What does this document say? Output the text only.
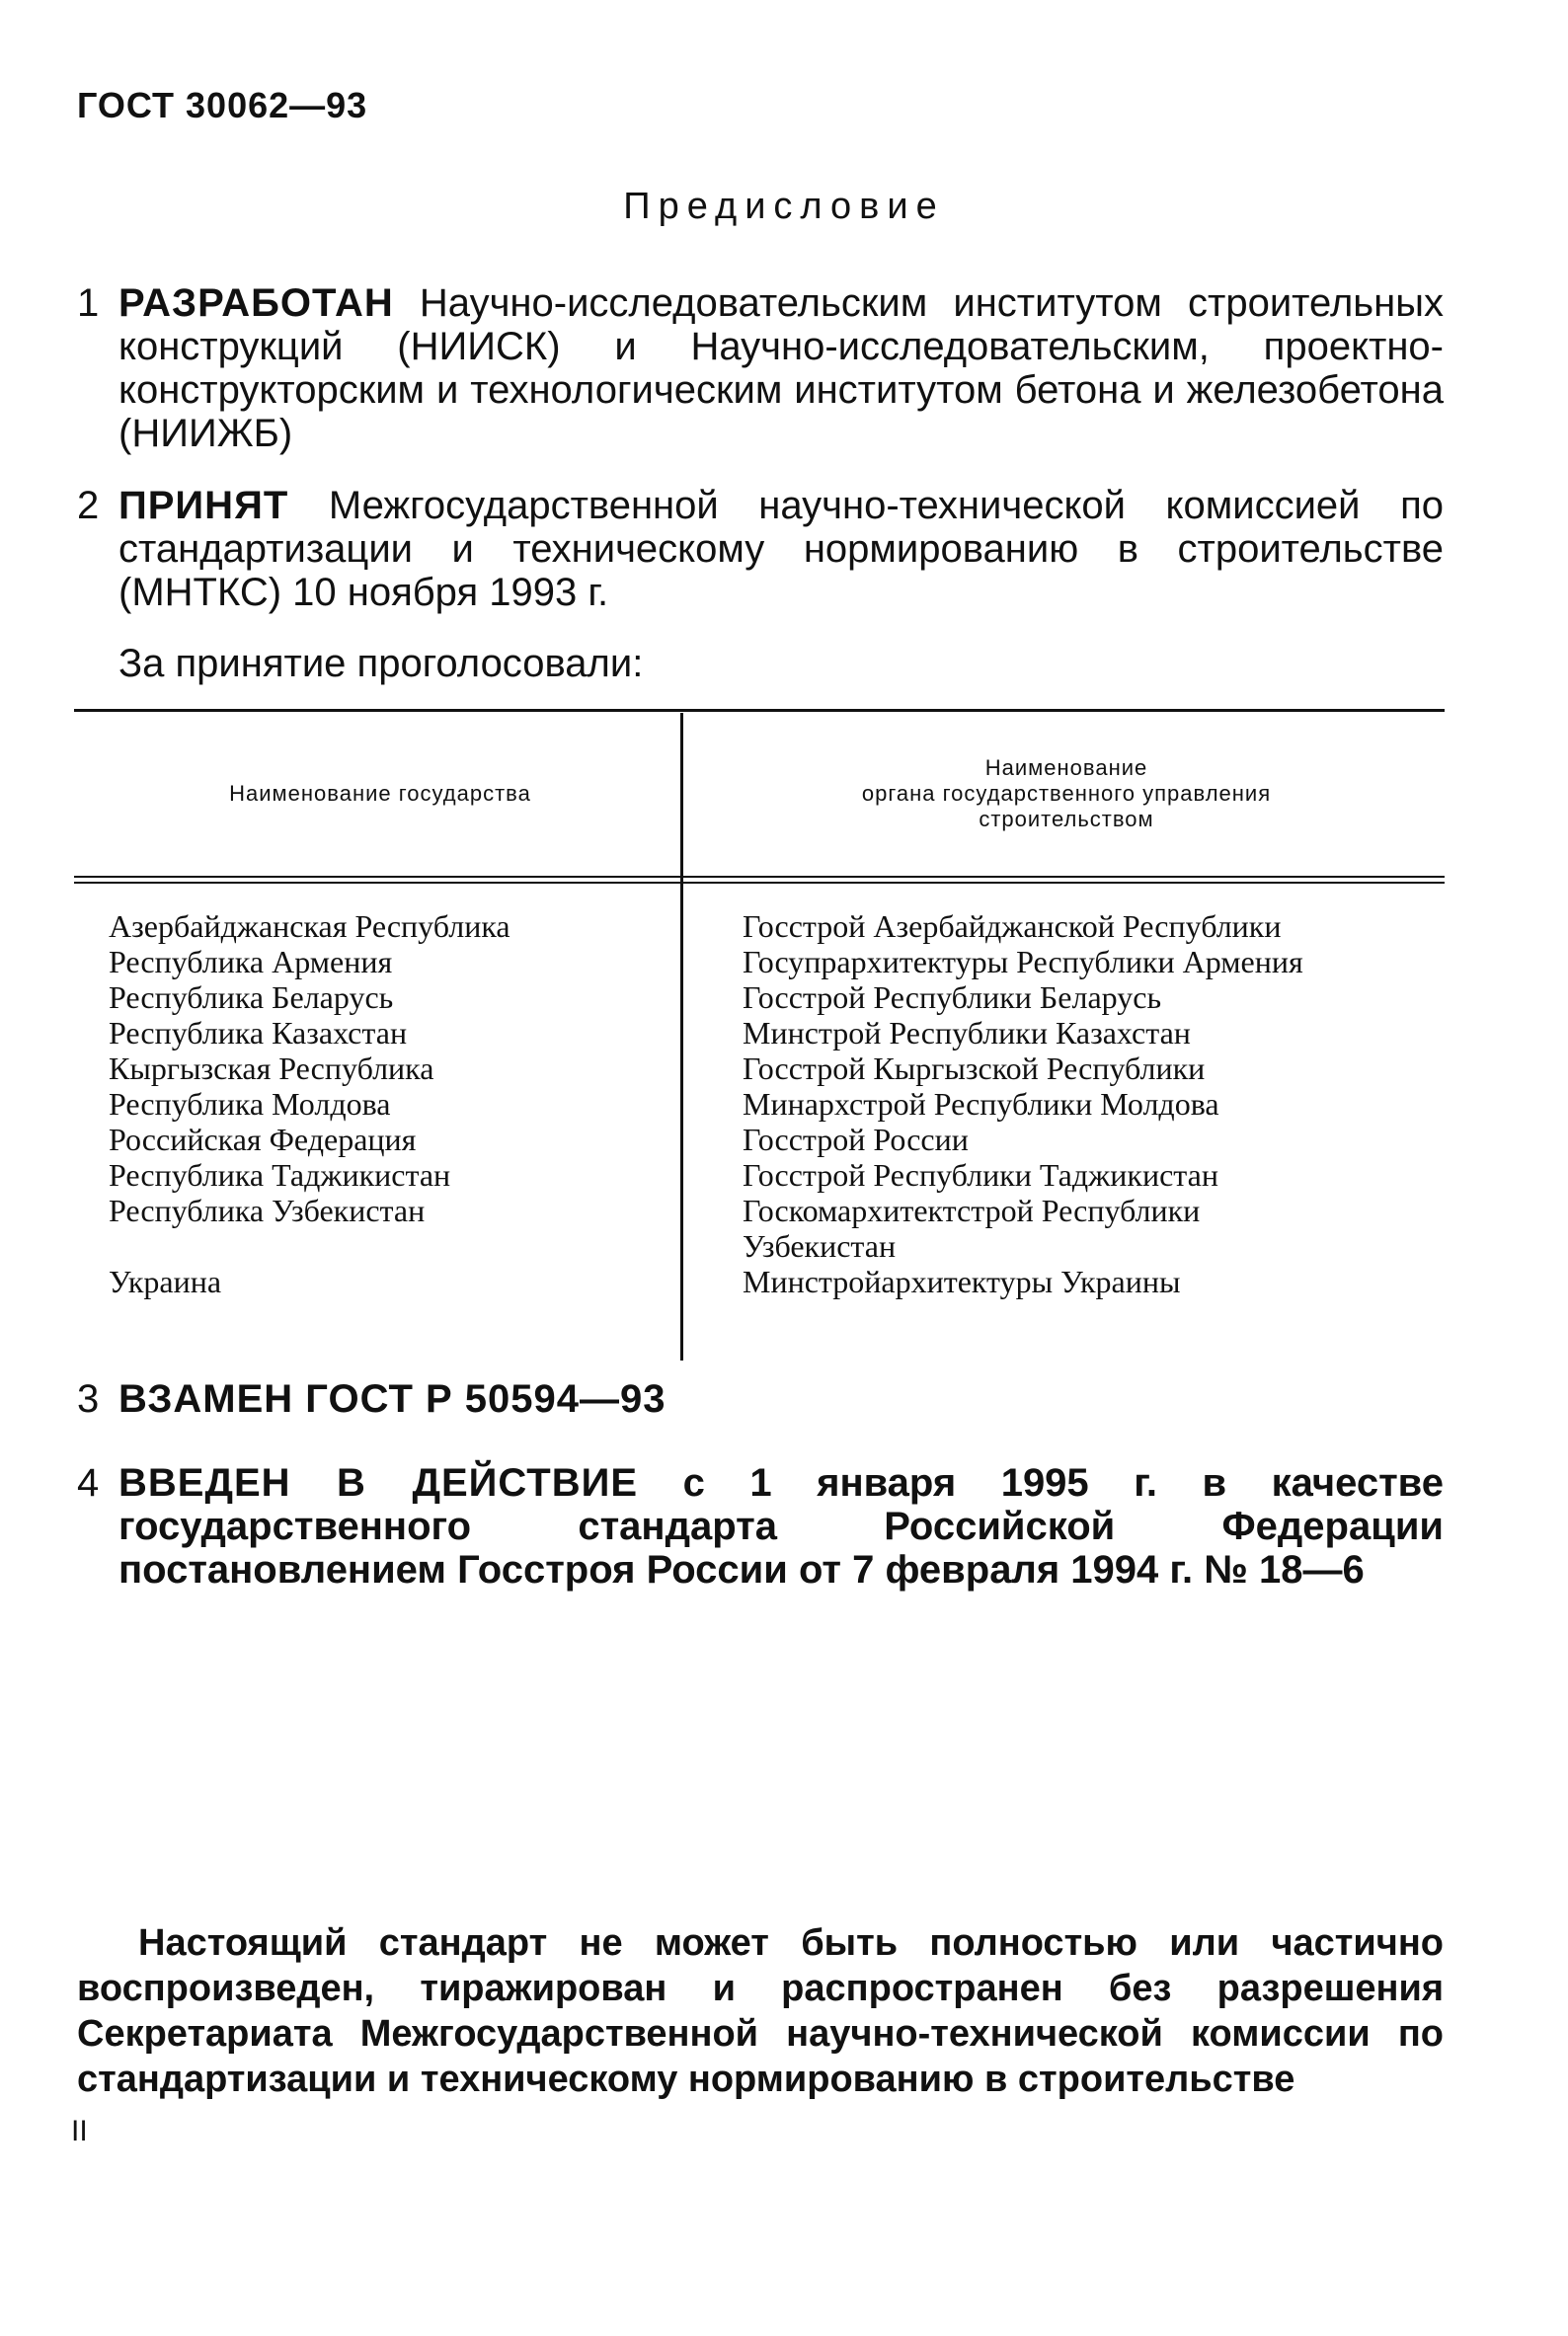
ГОСТ 30062—93
Предисловие
1 РАЗРАБОТАН Научно-исследовательским институтом строительных конструкций (НИИСК) и Научно-исследовательским, проектно-конструкторским и технологическим институтом бетона и железобетона (НИИЖБ)
2 ПРИНЯТ Межгосударственной научно-технической комиссией по стандартизации и техническому нормированию в строительстве (МНТКС) 10 ноября 1993 г.
За принятие проголосовали:
Наименование государства
Наименование
органа государственного управления
строительством
Азербайджанская Республика
Республика Армения
Республика Беларусь
Республика Казахстан
Кыргызская Республика
Республика Молдова
Российская Федерация
Республика Таджикистан
Республика Узбекистан

Украина
Госстрой Азербайджанской Республики
Госупрархитектуры Республики Армения
Госстрой Республики Беларусь
Минстрой Республики Казахстан
Госстрой Кыргызской Республики
Минархстрой Республики Молдова
Госстрой России
Госстрой Республики Таджикистан
Госкомархитектстрой Республики
Узбекистан
Минстройархитектуры Украины
3 ВЗАМЕН ГОСТ Р 50594—93
4 ВВЕДЕН В ДЕЙСТВИЕ с 1 января 1995 г. в качестве государственного стандарта Российской Федерации постановлением Госстроя России от 7 февраля 1994 г. № 18—6
Настоящий стандарт не может быть полностью или частично воспроизведен, тиражирован и распространен без разрешения Секретариата Межгосударственной научно-технической комиссии по стандартизации и техническому нормированию в строительстве
II
